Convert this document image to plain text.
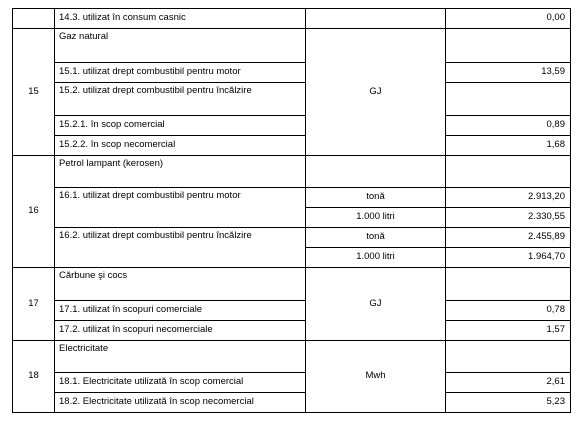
	14.3. utilizat în consum casnic		0,00
15	Gaz natural	GJ	
	15.1. utilizat drept combustibil pentru motor		13,59
	15.2. utilizat drept combustibil pentru încălzire		
	15.2.1. în scop comercial		0,89
	15.2.2. în scop necomercial		1,68
16	Petrol lampant (kerosen)		
	16.1. utilizat drept combustibil pentru motor	tonă	2.913,20
		1.000 litri	2.330,55
	16.2. utilizat drept combustibil pentru încălzire	tonă	2.455,89
		1.000 litri	1.964,70
17	Cărbune şi cocs	GJ	
	17.1. utilizat în scopuri comerciale		0,78
	17.2. utilizat în scopuri necomerciale		1,57
18	Electricitate	Mwh	
	18.1. Electricitate utilizată în scop comercial		2,61
	18.2. Electricitate utilizată în scop necomercial		5,23
